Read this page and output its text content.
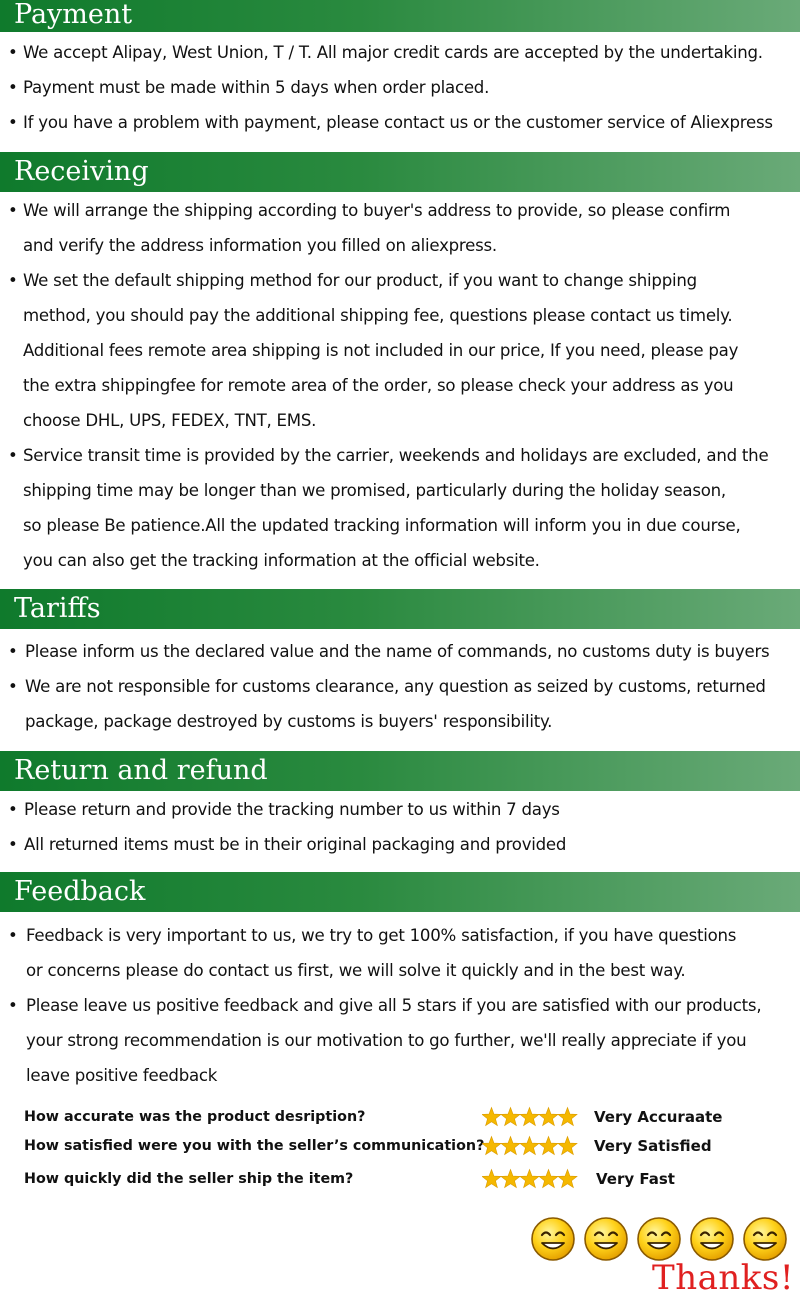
Payment
• We accept Alipay, West Union, T / T. All major credit cards are accepted by the undertaking.
• Payment must be made within 5 days when order placed.
• If you have a problem with payment, please contact us or the customer service of Aliexpress
Receiving
• We will arrange the shipping according to buyer's address to provide, so please confirm
and verify the address information you filled on aliexpress.
• We set the default shipping method for our product, if you want to change shipping
method, you should pay the additional shipping fee, questions please contact us timely.
Additional fees remote area shipping is not included in our price, If you need, please pay
the extra shippingfee for remote area of the order, so please check your address as you
choose DHL, UPS, FEDEX, TNT, EMS.
• Service transit time is provided by the carrier, weekends and holidays are excluded, and the
shipping time may be longer than we promised, particularly during the holiday season,
so please Be patience.All the updated tracking information will inform you in due course,
you can also get the tracking information at the official website.
Tariffs
• Please inform us the declared value and the name of commands, no customs duty is buyers
• We are not responsible for customs clearance, any question as seized by customs, returned
package, package destroyed by customs is buyers' responsibility.
Return and refund
• Please return and provide the tracking number to us within 7 days
• All returned items must be in their original packaging and provided
Feedback
• Feedback is very important to us, we try to get 100% satisfaction, if you have questions
or concerns please do contact us first, we will solve it quickly and in the best way.
• Please leave us positive feedback and give all 5 stars if you are satisfied with our products,
your strong recommendation is our motivation to go further, we'll really appreciate if you
leave positive feedback
How accurate was the product desription?	Very Accuraate
How satisfied were you with the seller’s communication?	Very Satisfied
How quickly did the seller ship the item?	Very Fast
Thanks!
